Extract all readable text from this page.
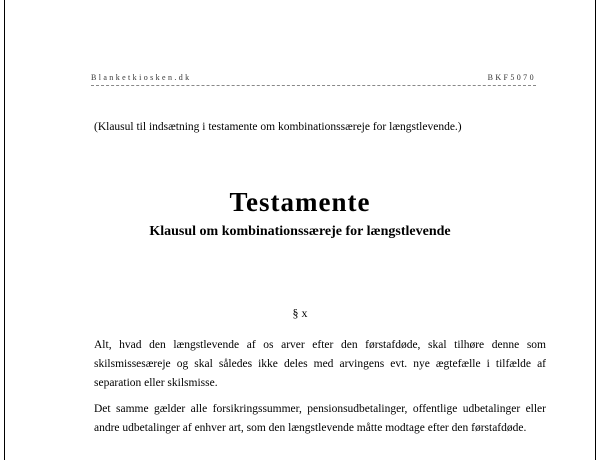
Blanketkiosken.dk	BKF5070
(Klausul til indsætning i testamente om kombinationssæreje for længstlevende.)
Testamente
Klausul om kombinationssæreje for længstlevende
§ x
Alt, hvad den længstlevende af os arver efter den førstafdøde, skal tilhøre denne som skilsmissesæreje og skal således ikke deles med arvingens evt. nye ægtefælle i tilfælde af separation eller skilsmisse.
Det samme gælder alle forsikringssummer, pensionsudbetalinger, offentlige udbetalinger eller andre udbetalinger af enhver art, som den længstlevende måtte modtage efter den førstafdøde.
